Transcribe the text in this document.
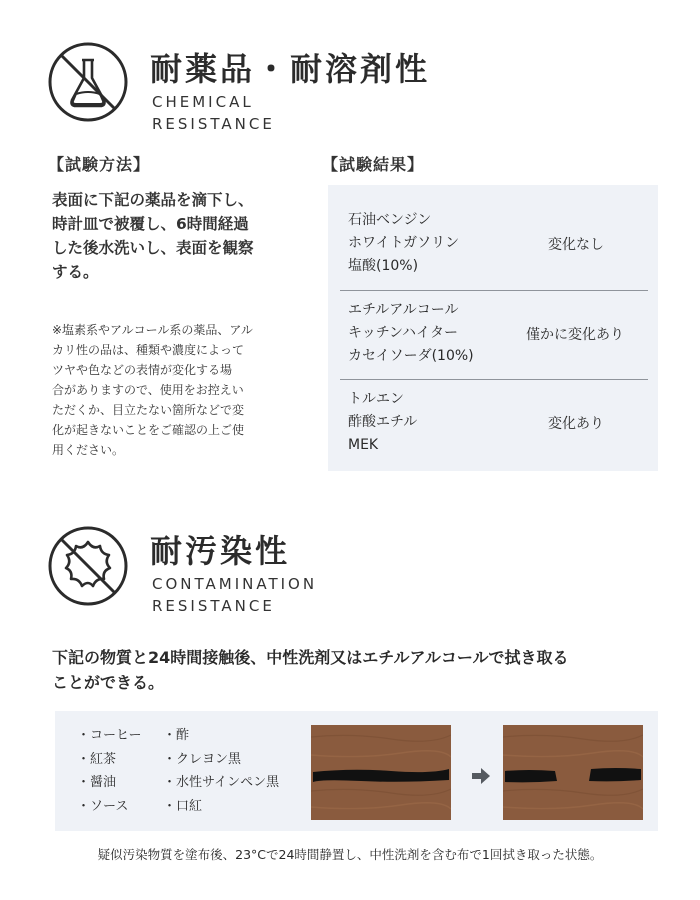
耐薬品・耐溶剤性
CHEMICAL
RESISTANCE
【試験方法】
表面に下記の薬品を滴下し、
時計皿で被覆し、6時間経過
した後水洗いし、表面を観察
する。
※塩素系やアルコール系の薬品、アル
カリ性の品は、種類や濃度によって
ツヤや色などの表情が変化する場
合がありますので、使用をお控えい
ただくか、目立たない箇所などで変
化が起きないことをご確認の上ご使
用ください。
【試験結果】
石油ベンジン
ホワイトガソリン
塩酸(10%)
変化なし
エチルアルコール
キッチンハイター
カセイソーダ(10%)
僅かに変化あり
トルエン
酢酸エチル
MEK
変化あり
耐汚染性
CONTAMINATION
RESISTANCE
下記の物質と24時間接触後、中性洗剤又はエチルアルコールで拭き取る
ことができる。
・コーヒー
・紅茶
・醤油
・ソース
・酢
・クレヨン黒
・水性サインペン黒
・口紅
疑似汚染物質を塗布後、23°Cで24時間静置し、中性洗剤を含む布で1回拭き取った状態。
